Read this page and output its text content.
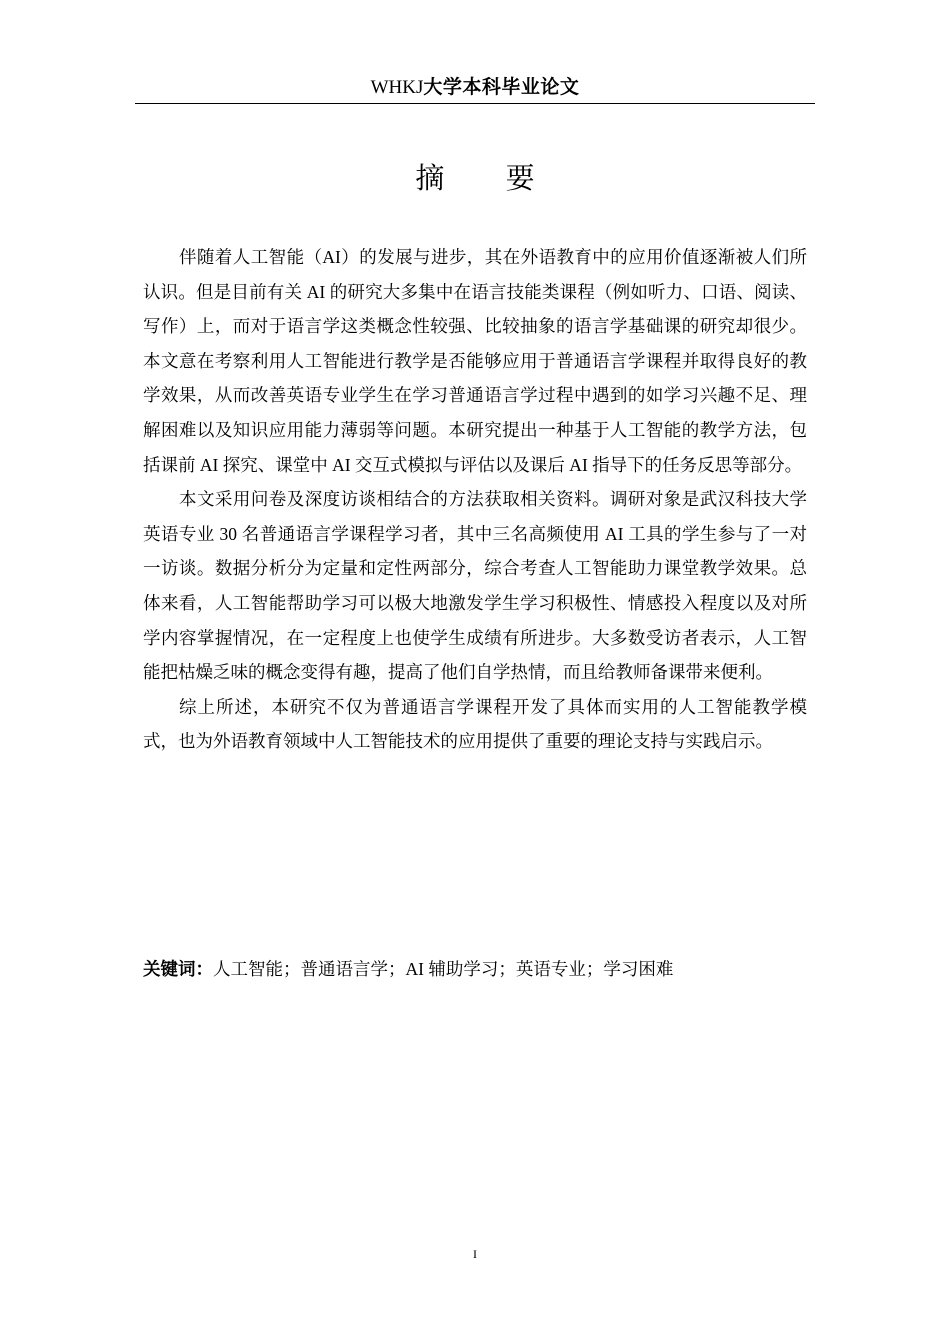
WHKJ大学本科毕业论文
摘 要

伴随着人工智能（AI）的发展与进步，其在外语教育中的应用价值逐渐被人们所认识。但是目前有关 AI 的研究大多集中在语言技能类课程（例如听力、口语、阅读、写作）上，而对于语言学这类概念性较强、比较抽象的语言学基础课的研究却很少。本文意在考察利用人工智能进行教学是否能够应用于普通语言学课程并取得良好的教学效果，从而改善英语专业学生在学习普通语言学过程中遇到的如学习兴趣不足、理解困难以及知识应用能力薄弱等问题。本研究提出一种基于人工智能的教学方法，包括课前 AI 探究、课堂中 AI 交互式模拟与评估以及课后 AI 指导下的任务反思等部分。

本文采用问卷及深度访谈相结合的方法获取相关资料。调研对象是武汉科技大学英语专业 30 名普通语言学课程学习者，其中三名高频使用 AI 工具的学生参与了一对一访谈。数据分析分为定量和定性两部分，综合考查人工智能助力课堂教学效果。总体来看，人工智能帮助学习可以极大地激发学生学习积极性、情感投入程度以及对所学内容掌握情况，在一定程度上也使学生成绩有所进步。大多数受访者表示，人工智能把枯燥乏味的概念变得有趣，提高了他们自学热情，而且给教师备课带来便利。

综上所述，本研究不仅为普通语言学课程开发了具体而实用的人工智能教学模式，也为外语教育领域中人工智能技术的应用提供了重要的理论支持与实践启示。

关键词：人工智能；普通语言学；AI 辅助学习；英语专业；学习困难
I
